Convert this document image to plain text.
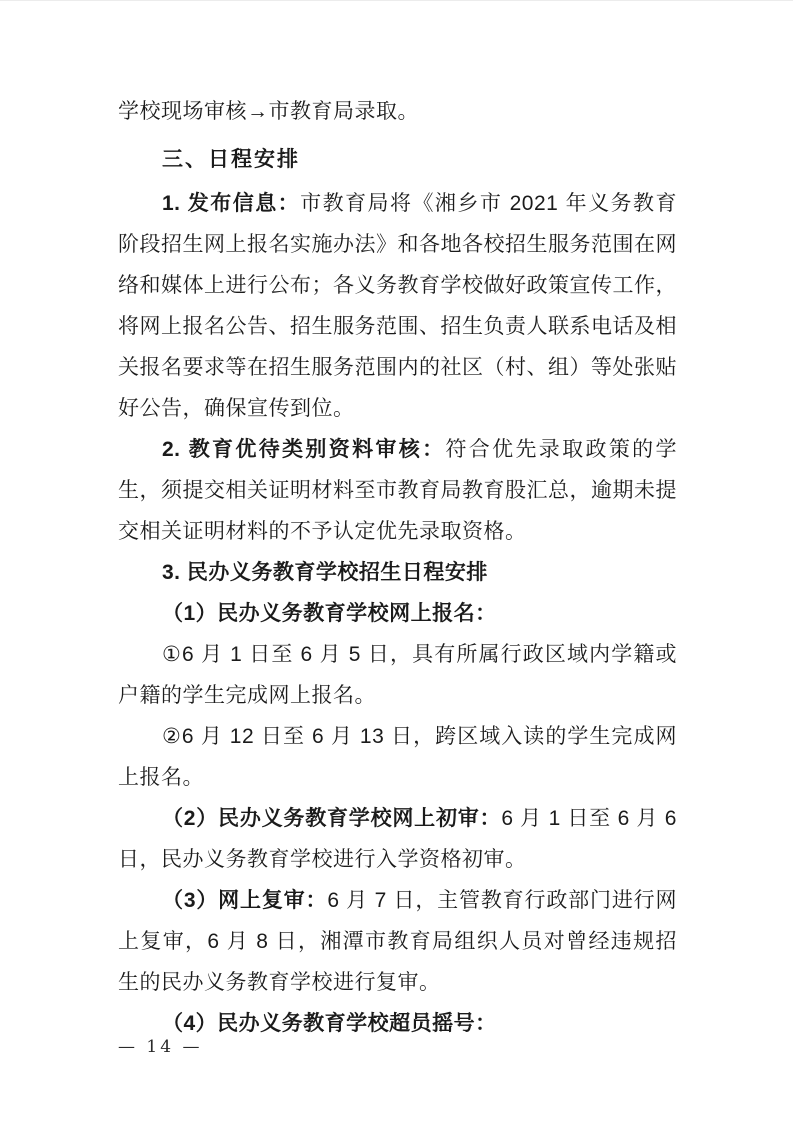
学校现场审核→市教育局录取。

三、日程安排

1. 发布信息：市教育局将《湘乡市 2021 年义务教育阶段招生网上报名实施办法》和各地各校招生服务范围在网络和媒体上进行公布；各义务教育学校做好政策宣传工作，将网上报名公告、招生服务范围、招生负责人联系电话及相关报名要求等在招生服务范围内的社区（村、组）等处张贴好公告，确保宣传到位。

2. 教育优待类别资料审核：符合优先录取政策的学生，须提交相关证明材料至市教育局教育股汇总，逾期未提交相关证明材料的不予认定优先录取资格。

3. 民办义务教育学校招生日程安排

（1）民办义务教育学校网上报名：

①6 月 1 日至 6 月 5 日，具有所属行政区域内学籍或户籍的学生完成网上报名。

②6 月 12 日至 6 月 13 日，跨区域入读的学生完成网上报名。

（2）民办义务教育学校网上初审：6 月 1 日至 6 月 6 日，民办义务教育学校进行入学资格初审。

（3）网上复审：6 月 7 日，主管教育行政部门进行网上复审，6 月 8 日，湘潭市教育局组织人员对曾经违规招生的民办义务教育学校进行复审。

（4）民办义务教育学校超员摇号：

— 14 —
